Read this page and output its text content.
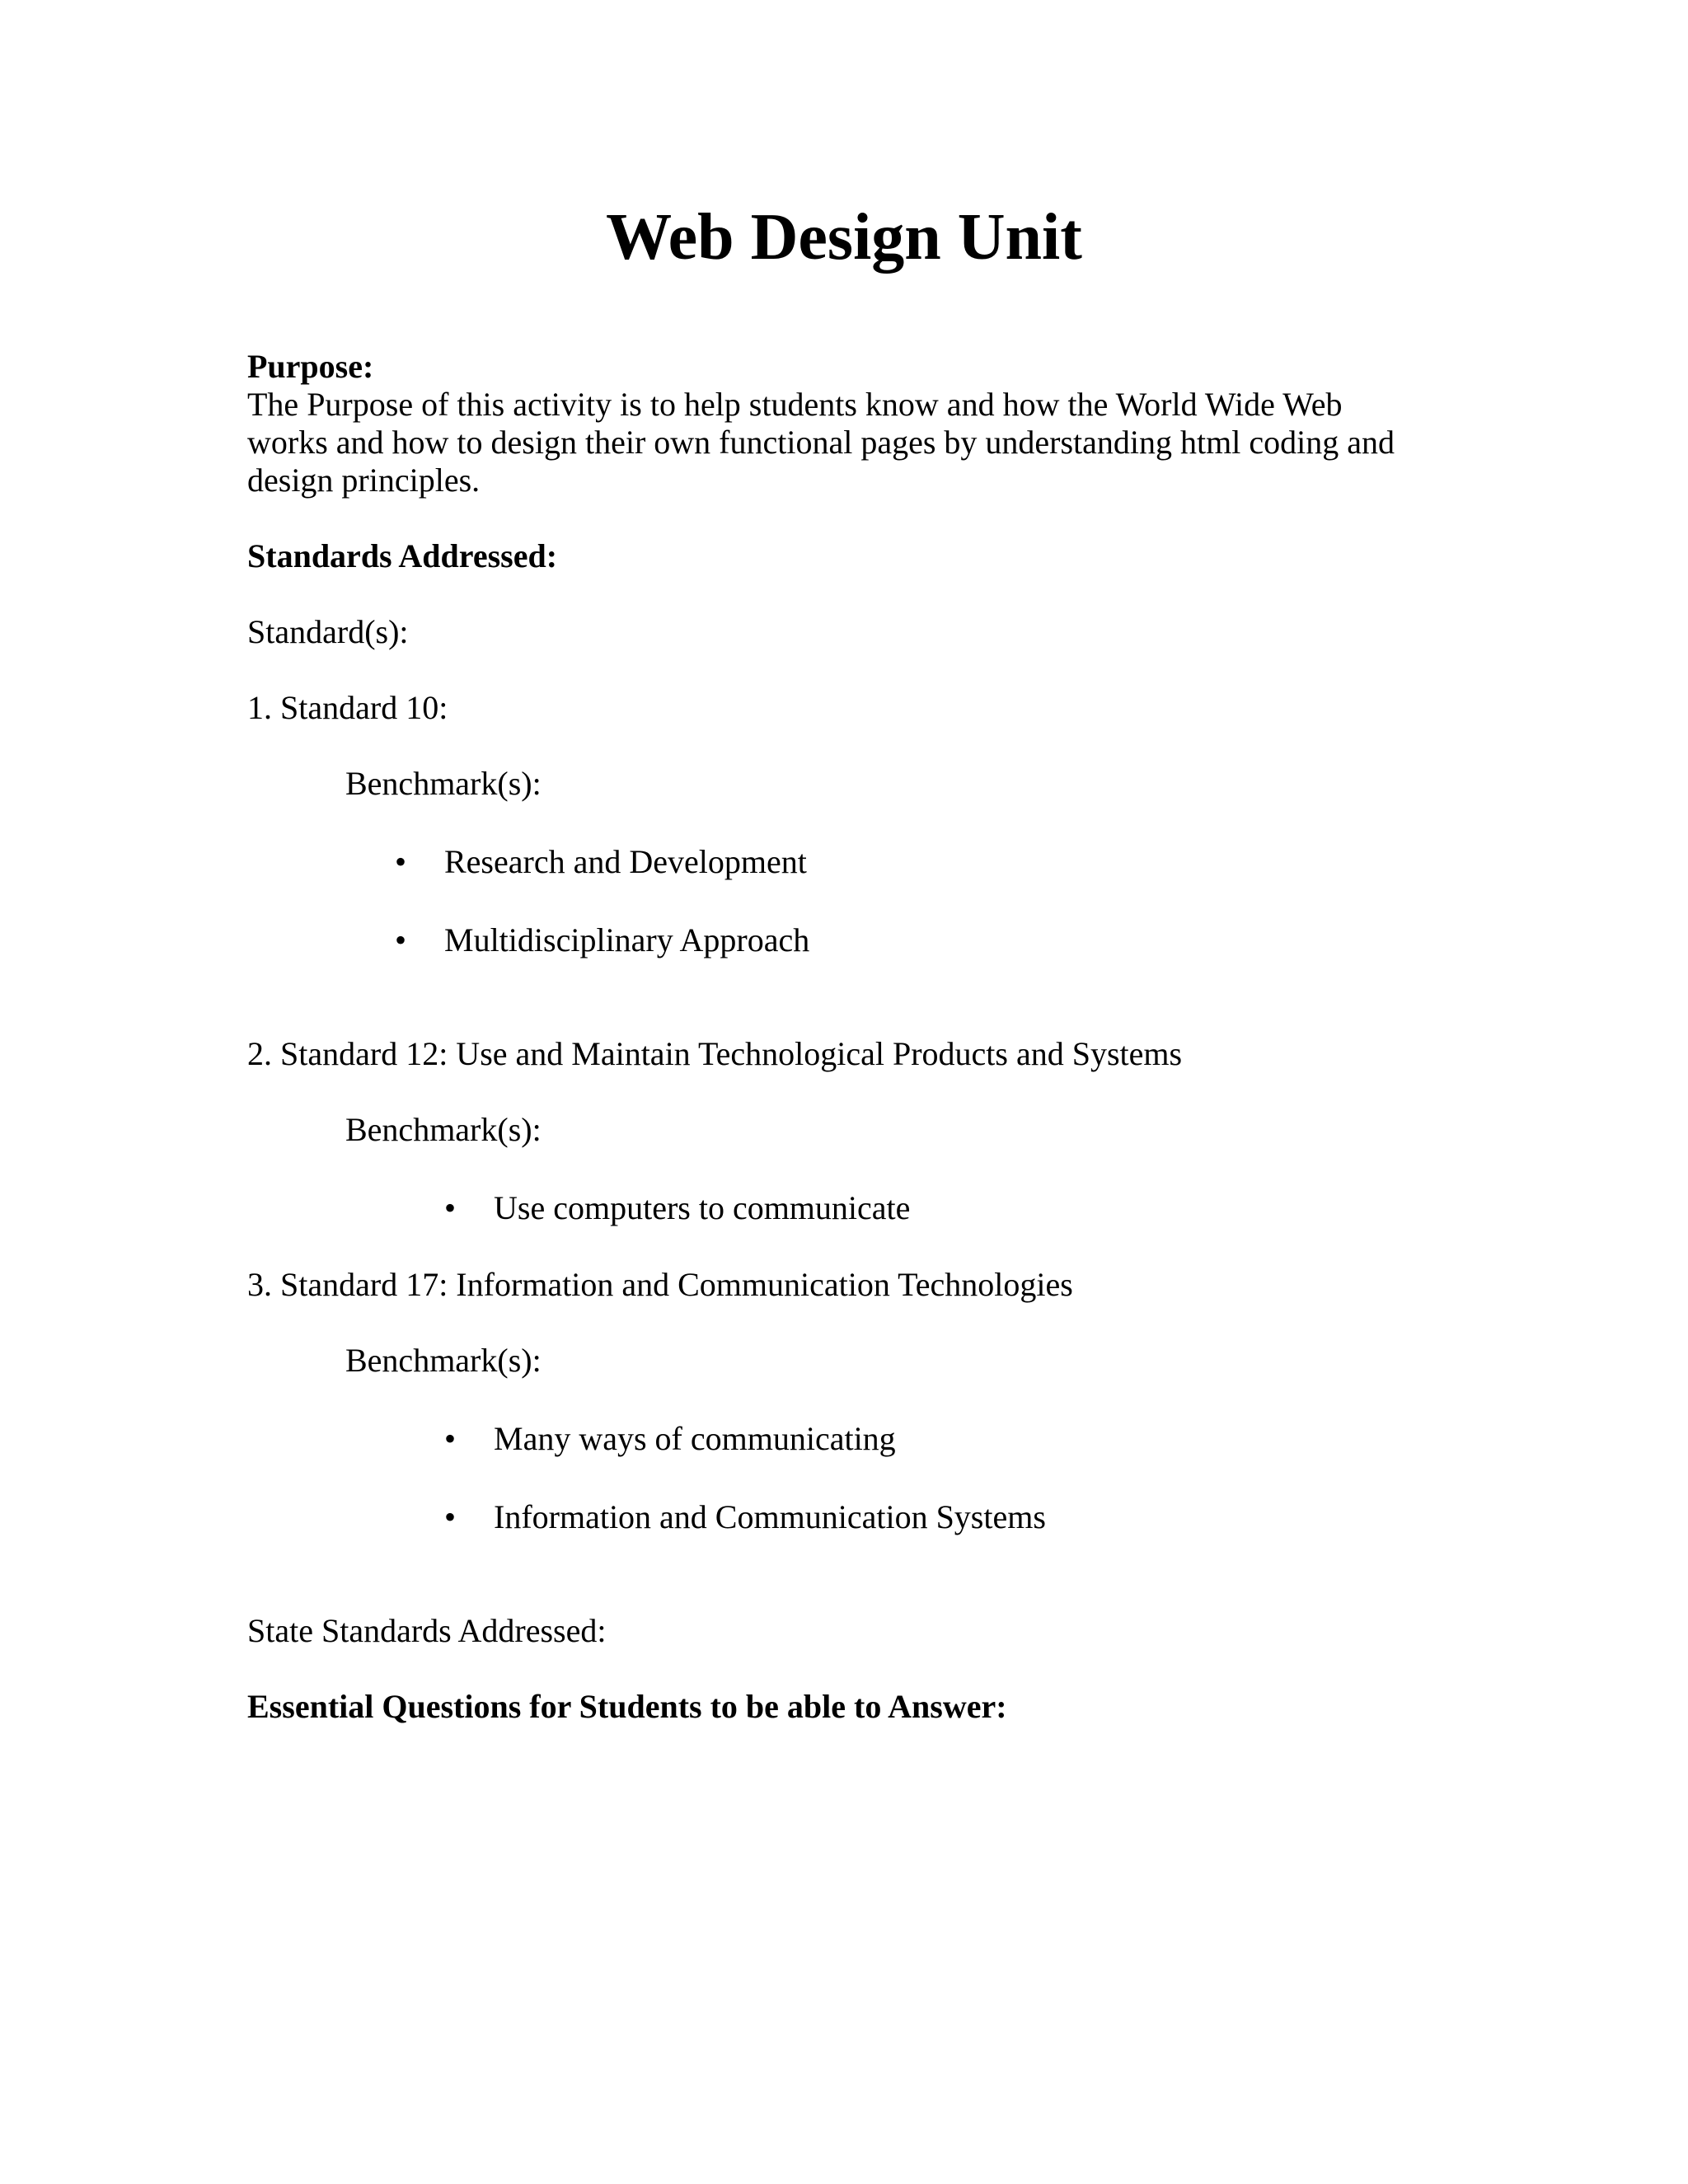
Web Design Unit

Purpose:

The Purpose of this activity is to help students know and how the World Wide Web

works and how to design their own functional pages by understanding html coding and

design principles.

Standards Addressed:

Standard(s):

1. Standard 10:

Benchmark(s):

• Research and Development

• Multidisciplinary Approach

2. Standard 12: Use and Maintain Technological Products and Systems

Benchmark(s):

• Use computers to communicate

3. Standard 17: Information and Communication Technologies

Benchmark(s):

• Many ways of communicating

• Information and Communication Systems

State Standards Addressed:

Essential Questions for Students to be able to Answer:
